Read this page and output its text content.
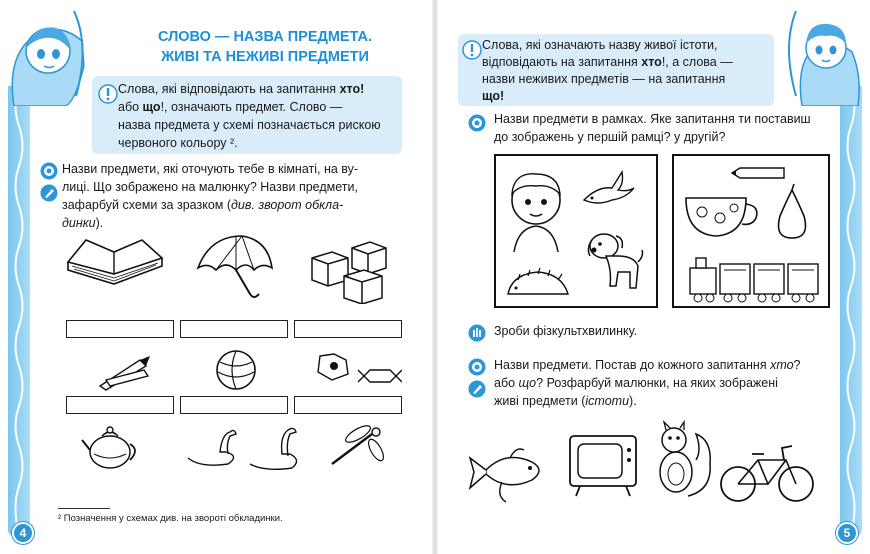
СЛОВО — НАЗВА ПРЕДМЕТА.
ЖИВІ ТА НЕЖИВІ ПРЕДМЕТИ

Слова, які відповідають на запитання хто!

або що!, означають предмет. Слово —

назва предмета у схемі позначається рискою

червоного кольору ².

Назви предмети, які оточують тебе в кімнаті, на ву-
лиці. Що зображено на малюнку? Назви предмети,
зафарбуй схеми за зразком (див. зворот обкла-
динки).
² Позначення у схемах див. на звороті обкладинки.
4

Слова, які означають назву живої істоти,

відповідають на запитання хто!, а слова —

назви неживих предметів — на запитання

що!

Назви предмети в рамках. Яке запитання ти поставиш
до зображень у першій рамці? у другій?
Зроби фізкультхвилинку.
Назви предмети. Постав до кожного запитання хто?
або що? Розфарбуй малюнки, на яких зображені
живі предмети (істоти).
5
